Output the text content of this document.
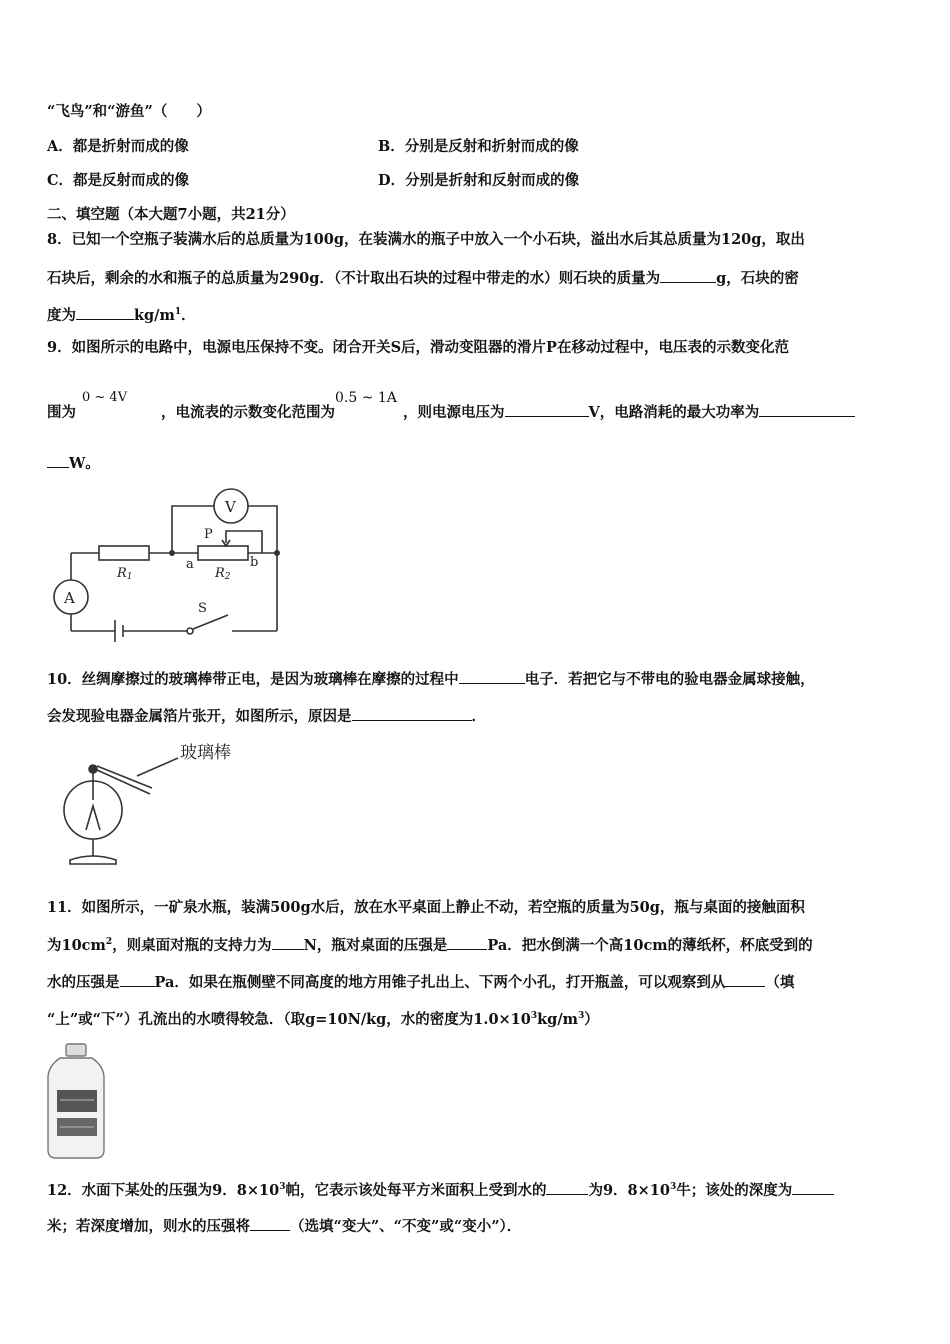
“飞鸟”和“游鱼”（　　）
A．都是折射而成的像	B．分别是反射和折射而成的像
C．都是反射而成的像	D．分别是折射和反射而成的像
二、填空题（本大题7小题，共21分）
8．已知一个空瓶子装满水后的总质量为100g，在装满水的瓶子中放入一个小石块，溢出水后其总质量为120g，取出
石块后，剩余的水和瓶子的总质量为290g．（不计取出石块的过程中带走的水）则石块的质量为	g，石块的密
度为	$kg/m^1$．
9．如图所示的电路中，电源电压保持不变。闭合开关S后，滑动变阻器的滑片P在移动过程中，电压表的示数变化范
0 ~ 4V	0.5 ~ 1A
围为	，电流表的示数变化范围为	，则电源电压为	V，电路消耗的最大功率为
W。
V
A
P
a	b
S
R1	R2
10．丝绸摩擦过的玻璃棒带正电，是因为玻璃棒在摩擦的过程中	电子．若把它与不带电的验电器金属球接触，
会发现验电器金属箔片张开，如图所示，原因是	．
玻璃棒
11．如图所示，一矿泉水瓶，装满500g水后，放在水平桌面上静止不动，若空瓶的质量为50g，瓶与桌面的接触面积
为$10cm^2$，则桌面对瓶的支持力为 N，瓶对桌面的压强是	Pa．把水倒满一个高10cm的薄纸杯，杯底受到的
水的压强是 Pa．如果在瓶侧壁不同高度的地方用锥子扎出上、下两个小孔，打开瓶盖，可以观察到从	（填
“上”或“下”）孔流出的水喷得较急．（取g=10N/kg，水的密度为$1.0\times 10^3kg/m^3$）
12．水面下某处的压强为9．$8\times 10^3$帕，它表示该处每平方米面积上受到水的	为9．$8\times 10^3$牛；该处的深度为
米；若深度增加，则水的压强将	（选填“变大”、“不变”或“变小”）．
